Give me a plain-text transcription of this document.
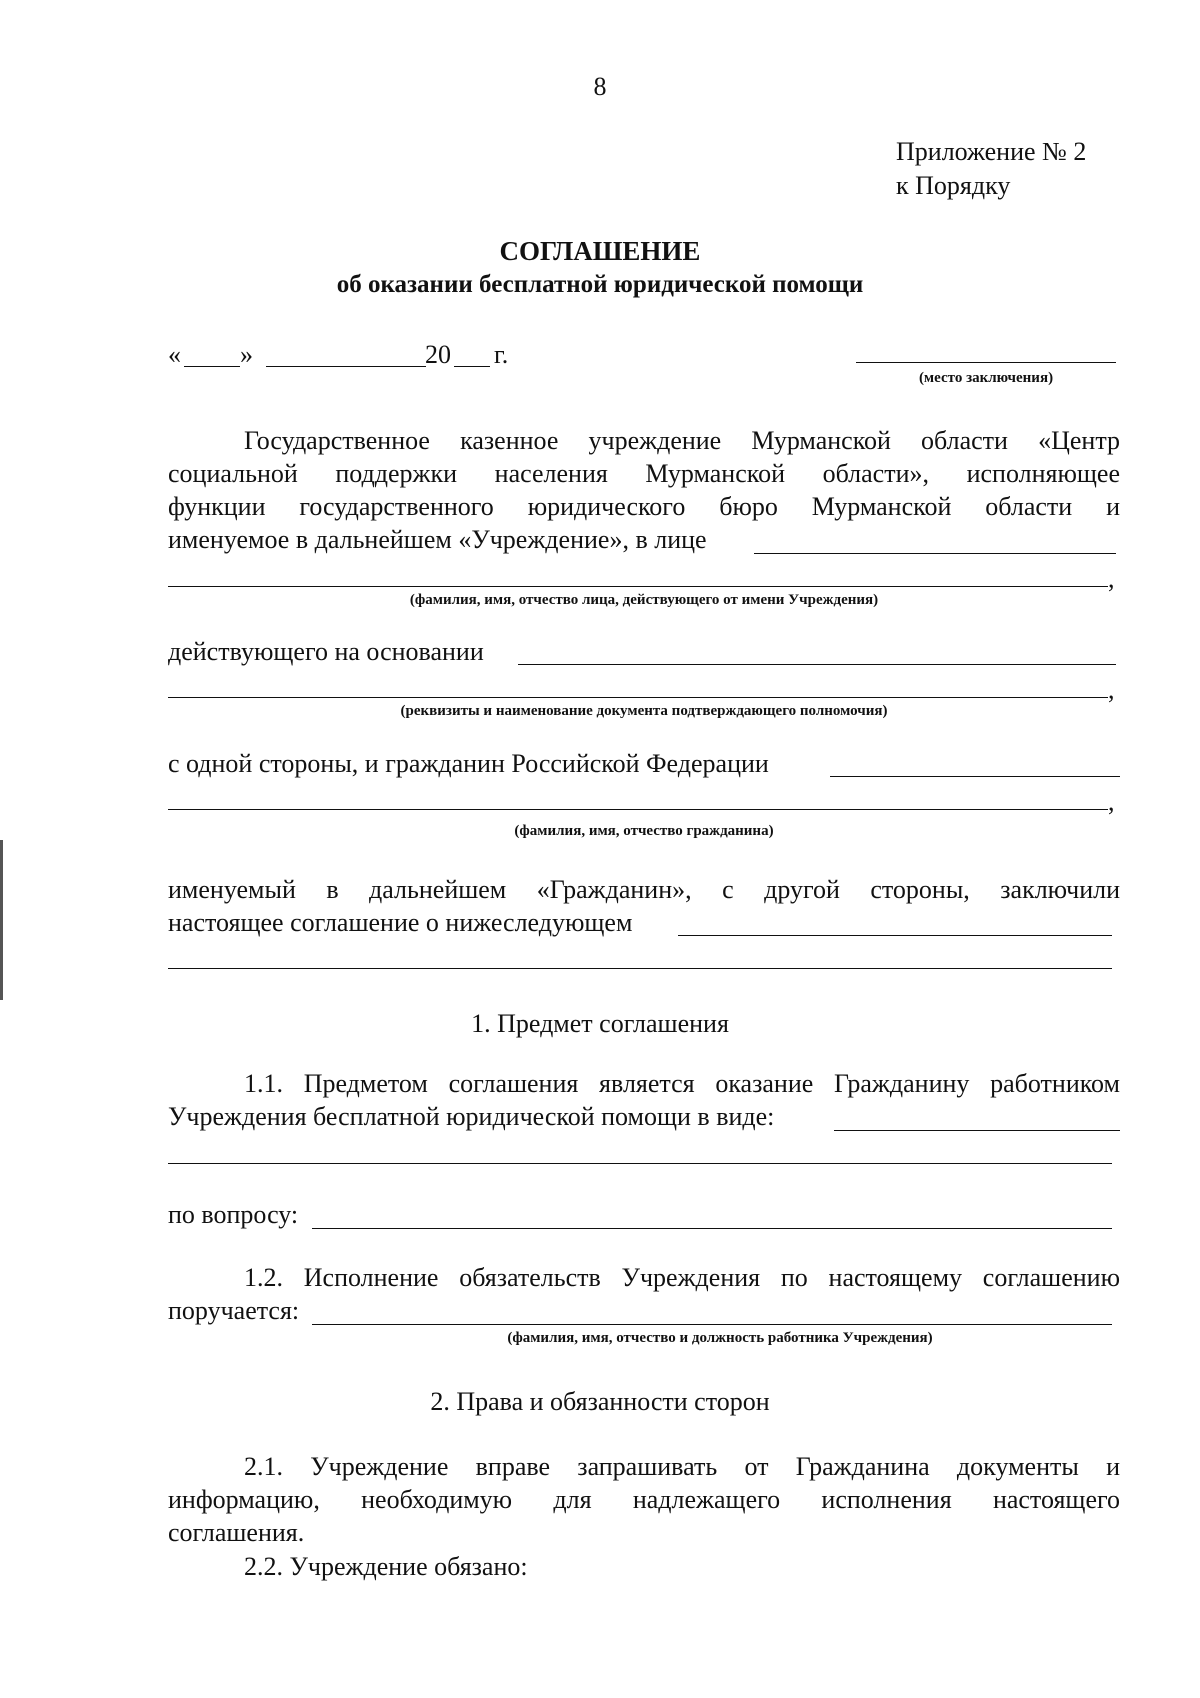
8
Приложение № 2
к Порядку
СОГЛАШЕНИЕ
об оказании бесплатной юридической помощи
« »	20 г.
(место заключения)
Государственное казенное учреждение Мурманской области «Центр
социальной поддержки населения Мурманской области», исполняющее
функции государственного юридического бюро Мурманской области и
именуемое в дальнейшем «Учреждение», в лице
,
(фамилия, имя, отчество лица, действующего от имени Учреждения)
действующего на основании
,
(реквизиты и наименование документа подтверждающего полномочия)
с одной стороны, и гражданин Российской Федерации
,
(фамилия, имя, отчество гражданина)
именуемый в дальнейшем «Гражданин», с другой стороны, заключили
настоящее соглашение о нижеследующем
1. Предмет соглашения
1.1. Предметом соглашения является оказание Гражданину работником
Учреждения бесплатной юридической помощи в виде:
по вопросу:
1.2. Исполнение обязательств Учреждения по настоящему соглашению
поручается:
(фамилия, имя, отчество и должность работника Учреждения)
2. Права и обязанности сторон
2.1. Учреждение вправе запрашивать от Гражданина документы и
информацию, необходимую для надлежащего исполнения настоящего
соглашения.
2.2. Учреждение обязано:
